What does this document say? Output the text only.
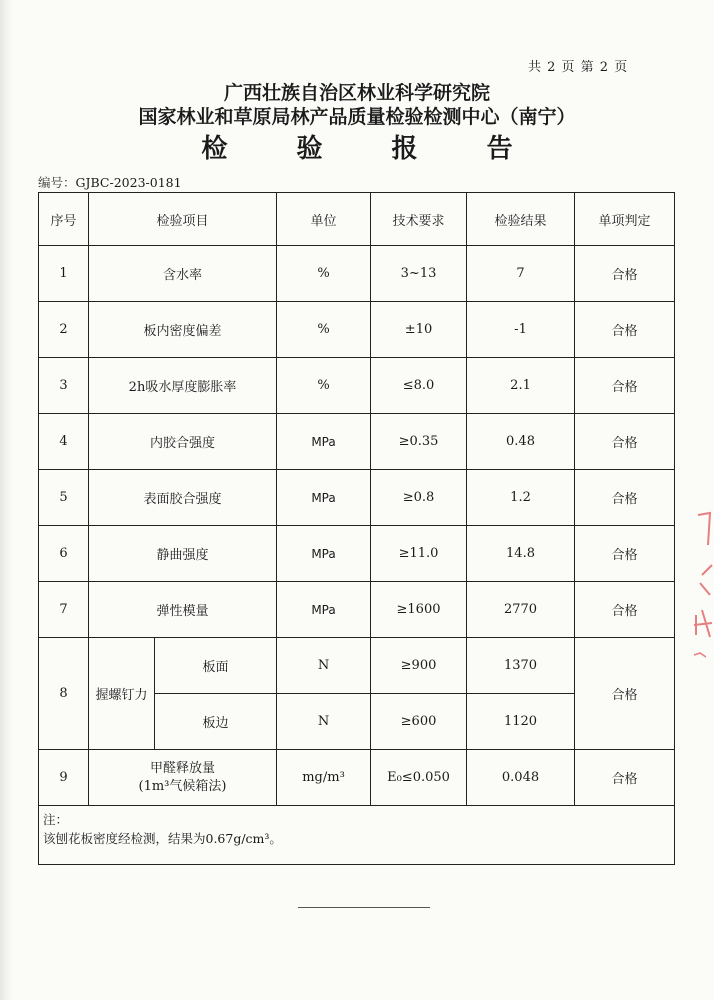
共 2 页 第 2 页
广西壮族自治区林业科学研究院
国家林业和草原局林产品质量检验检测中心（南宁）
检 验 报 告
编号：GJBC-2023-0181
序号	检验项目		单位	技术要求	检验结果	单项判定
1	含水率		%	3~13	7	合格
2	板内密度偏差		%	±10	-1	合格
3	2h吸水厚度膨胀率		%	≤8.0	2.1	合格
4	内胶合强度		MPa	≥0.35	0.48	合格
5	表面胶合强度		MPa	≥0.8	1.2	合格
6	静曲强度		MPa	≥11.0	14.8	合格
7	弹性模量		MPa	≥1600	2770	合格
8	握螺钉力	板面	N	≥900	1370	合格
		板边	N	≥600	1120	
9	甲醛释放量
(1m³气候箱法)		mg/m³	E₀≤0.050	0.048	合格

注：
该刨花板密度经检测，结果为0.67g/cm³。						
